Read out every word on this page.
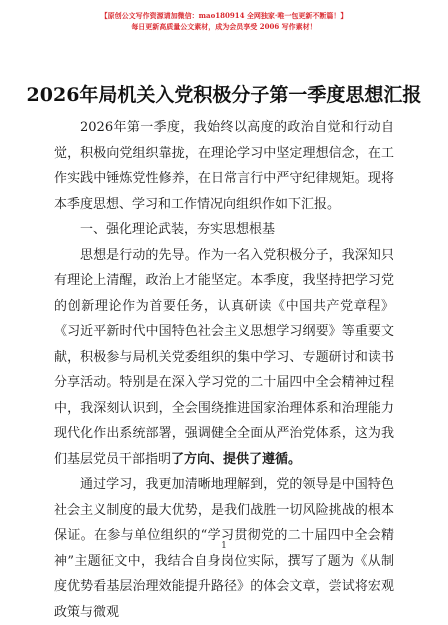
【原创公文写作资源请加微信：mao180914 全网独家·唯一包更新不断篇！】
每日更新高质量公文素材，成为会员享受 2006 写作素材！
2026年局机关入党积极分子第一季度思想汇报

2026年第一季度，我始终以高度的政治自觉和行动自觉，积极向党组织靠拢，在理论学习中坚定理想信念，在工作实践中锤炼党性修养，在日常言行中严守纪律规矩。现将本季度思想、学习和工作情况向组织作如下汇报。

一、强化理论武装，夯实思想根基

思想是行动的先导。作为一名入党积极分子，我深知只有理论上清醒，政治上才能坚定。本季度，我坚持把学习党的创新理论作为首要任务，认真研读《中国共产党章程》《习近平新时代中国特色社会主义思想学习纲要》等重要文献，积极参与局机关党委组织的集中学习、专题研讨和读书分享活动。特别是在深入学习党的二十届四中全会精神过程中，我深刻认识到，全会围绕推进国家治理体系和治理能力现代化作出系统部署，强调健全全面从严治党体系，这为我们基层党员干部指明了方向、提供了遵循。

通过学习，我更加清晰地理解到，党的领导是中国特色社会主义制度的最大优势，是我们战胜一切风险挑战的根本保证。在参与单位组织的“学习贯彻党的二十届四中全会精神”主题征文中，我结合自身岗位实际，撰写了题为《从制度优势看基层治理效能提升路径》的体会文章，尝试将宏观政策与微观

1
